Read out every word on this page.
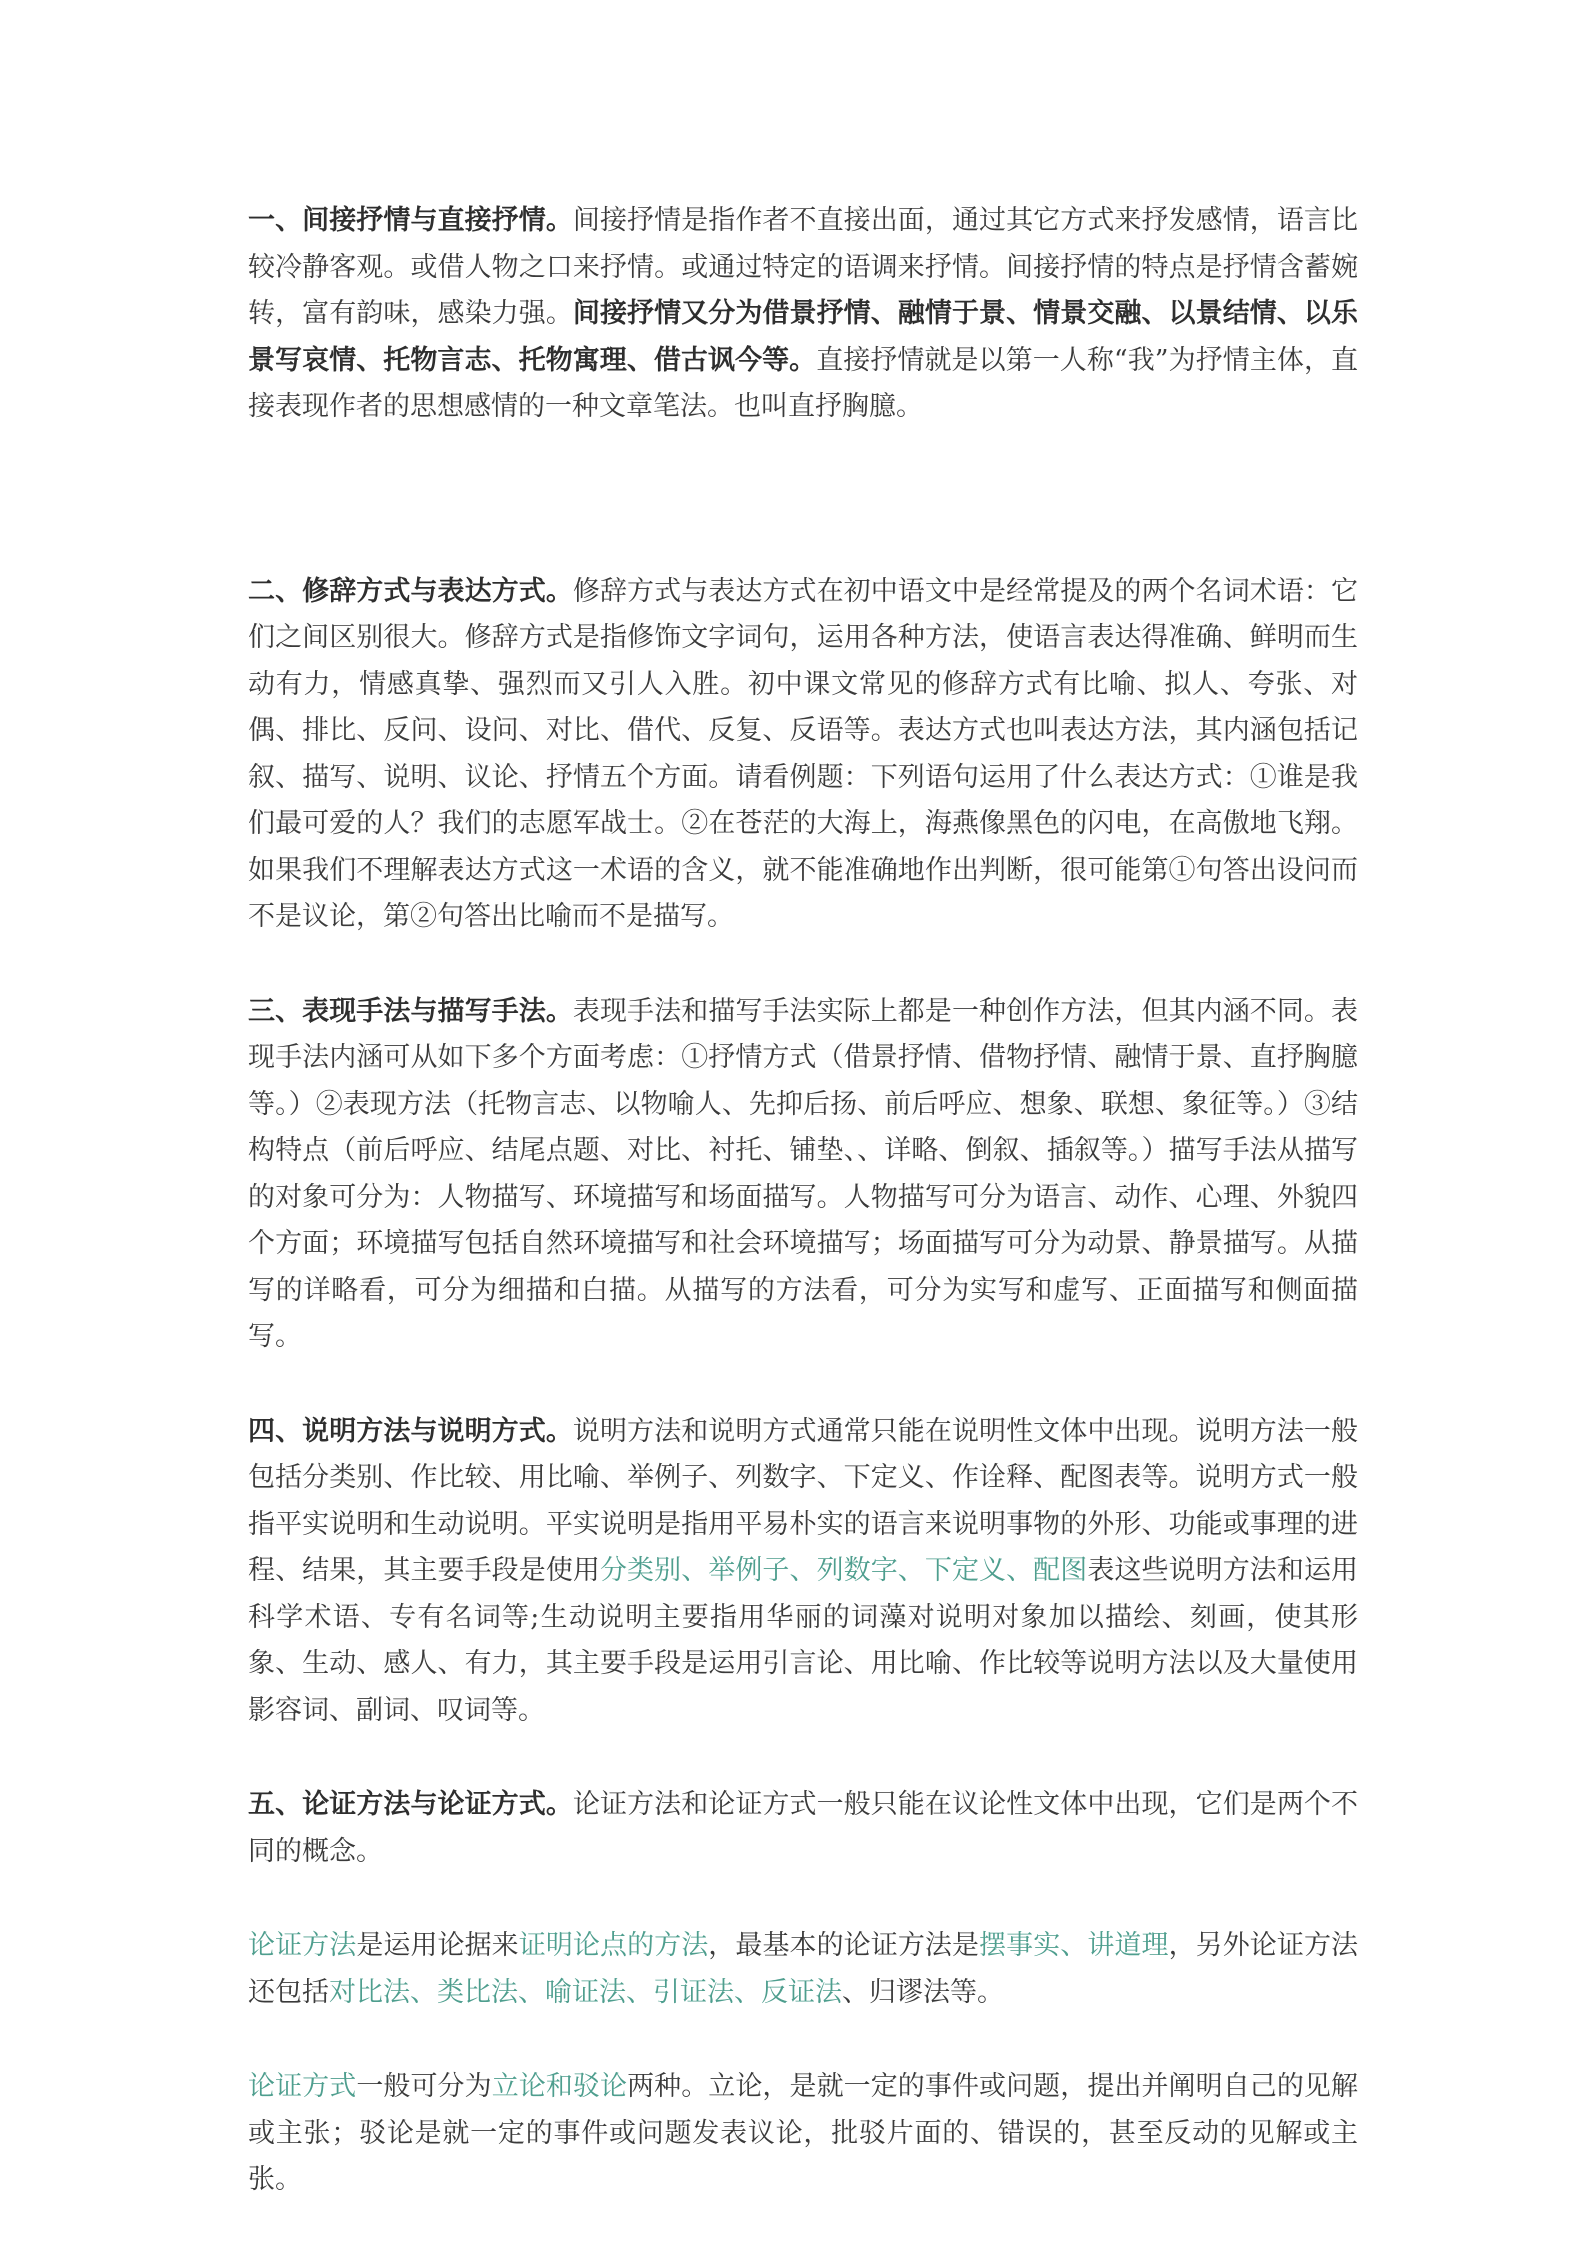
一、间接抒情与直接抒情。间接抒情是指作者不直接出面，通过其它方式来抒发感情，语言比较冷静客观。或借人物之口来抒情。或通过特定的语调来抒情。间接抒情的特点是抒情含蓄婉转，富有韵味，感染力强。间接抒情又分为借景抒情、融情于景、情景交融、以景结情、以乐景写哀情、托物言志、托物寓理、借古讽今等。直接抒情就是以第一人称“我”为抒情主体，直接表现作者的思想感情的一种文章笔法。也叫直抒胸臆。

二、修辞方式与表达方式。修辞方式与表达方式在初中语文中是经常提及的两个名词术语：它们之间区别很大。修辞方式是指修饰文字词句，运用各种方法，使语言表达得准确、鲜明而生动有力，情感真挚、强烈而又引人入胜。初中课文常见的修辞方式有比喻、拟人、夸张、对偶、排比、反问、设问、对比、借代、反复、反语等。表达方式也叫表达方法，其内涵包括记叙、描写、说明、议论、抒情五个方面。请看例题：下列语句运用了什么表达方式：①谁是我们最可爱的人？我们的志愿军战士。②在苍茫的大海上，海燕像黑色的闪电，在高傲地飞翔。如果我们不理解表达方式这一术语的含义，就不能准确地作出判断，很可能第①句答出设问而不是议论，第②句答出比喻而不是描写。

三、表现手法与描写手法。表现手法和描写手法实际上都是一种创作方法，但其内涵不同。表现手法内涵可从如下多个方面考虑：①抒情方式（借景抒情、借物抒情、融情于景、直抒胸臆等。）②表现方法（托物言志、以物喻人、先抑后扬、前后呼应、想象、联想、象征等。）③结构特点（前后呼应、结尾点题、对比、衬托、铺垫、、详略、倒叙、插叙等。）描写手法从描写的对象可分为：人物描写、环境描写和场面描写。人物描写可分为语言、动作、心理、外貌四个方面；环境描写包括自然环境描写和社会环境描写；场面描写可分为动景、静景描写。从描写的详略看，可分为细描和白描。从描写的方法看，可分为实写和虚写、正面描写和侧面描写。

四、说明方法与说明方式。说明方法和说明方式通常只能在说明性文体中出现。说明方法一般包括分类别、作比较、用比喻、举例子、列数字、下定义、作诠释、配图表等。说明方式一般指平实说明和生动说明。平实说明是指用平易朴实的语言来说明事物的外形、功能或事理的进程、结果，其主要手段是使用分类别、举例子、列数字、下定义、配图表这些说明方法和运用科学术语、专有名词等;生动说明主要指用华丽的词藻对说明对象加以描绘、刻画，使其形象、生动、感人、有力，其主要手段是运用引言论、用比喻、作比较等说明方法以及大量使用影容词、副词、叹词等。

五、论证方法与论证方式。论证方法和论证方式一般只能在议论性文体中出现，它们是两个不同的概念。

论证方法是运用论据来证明论点的方法，最基本的论证方法是摆事实、讲道理，另外论证方法还包括对比法、类比法、喻证法、引证法、反证法、归谬法等。

论证方式一般可分为立论和驳论两种。立论，是就一定的事件或问题，提出并阐明自己的见解或主张；驳论是就一定的事件或问题发表议论，批驳片面的、错误的，甚至反动的见解或主张。
